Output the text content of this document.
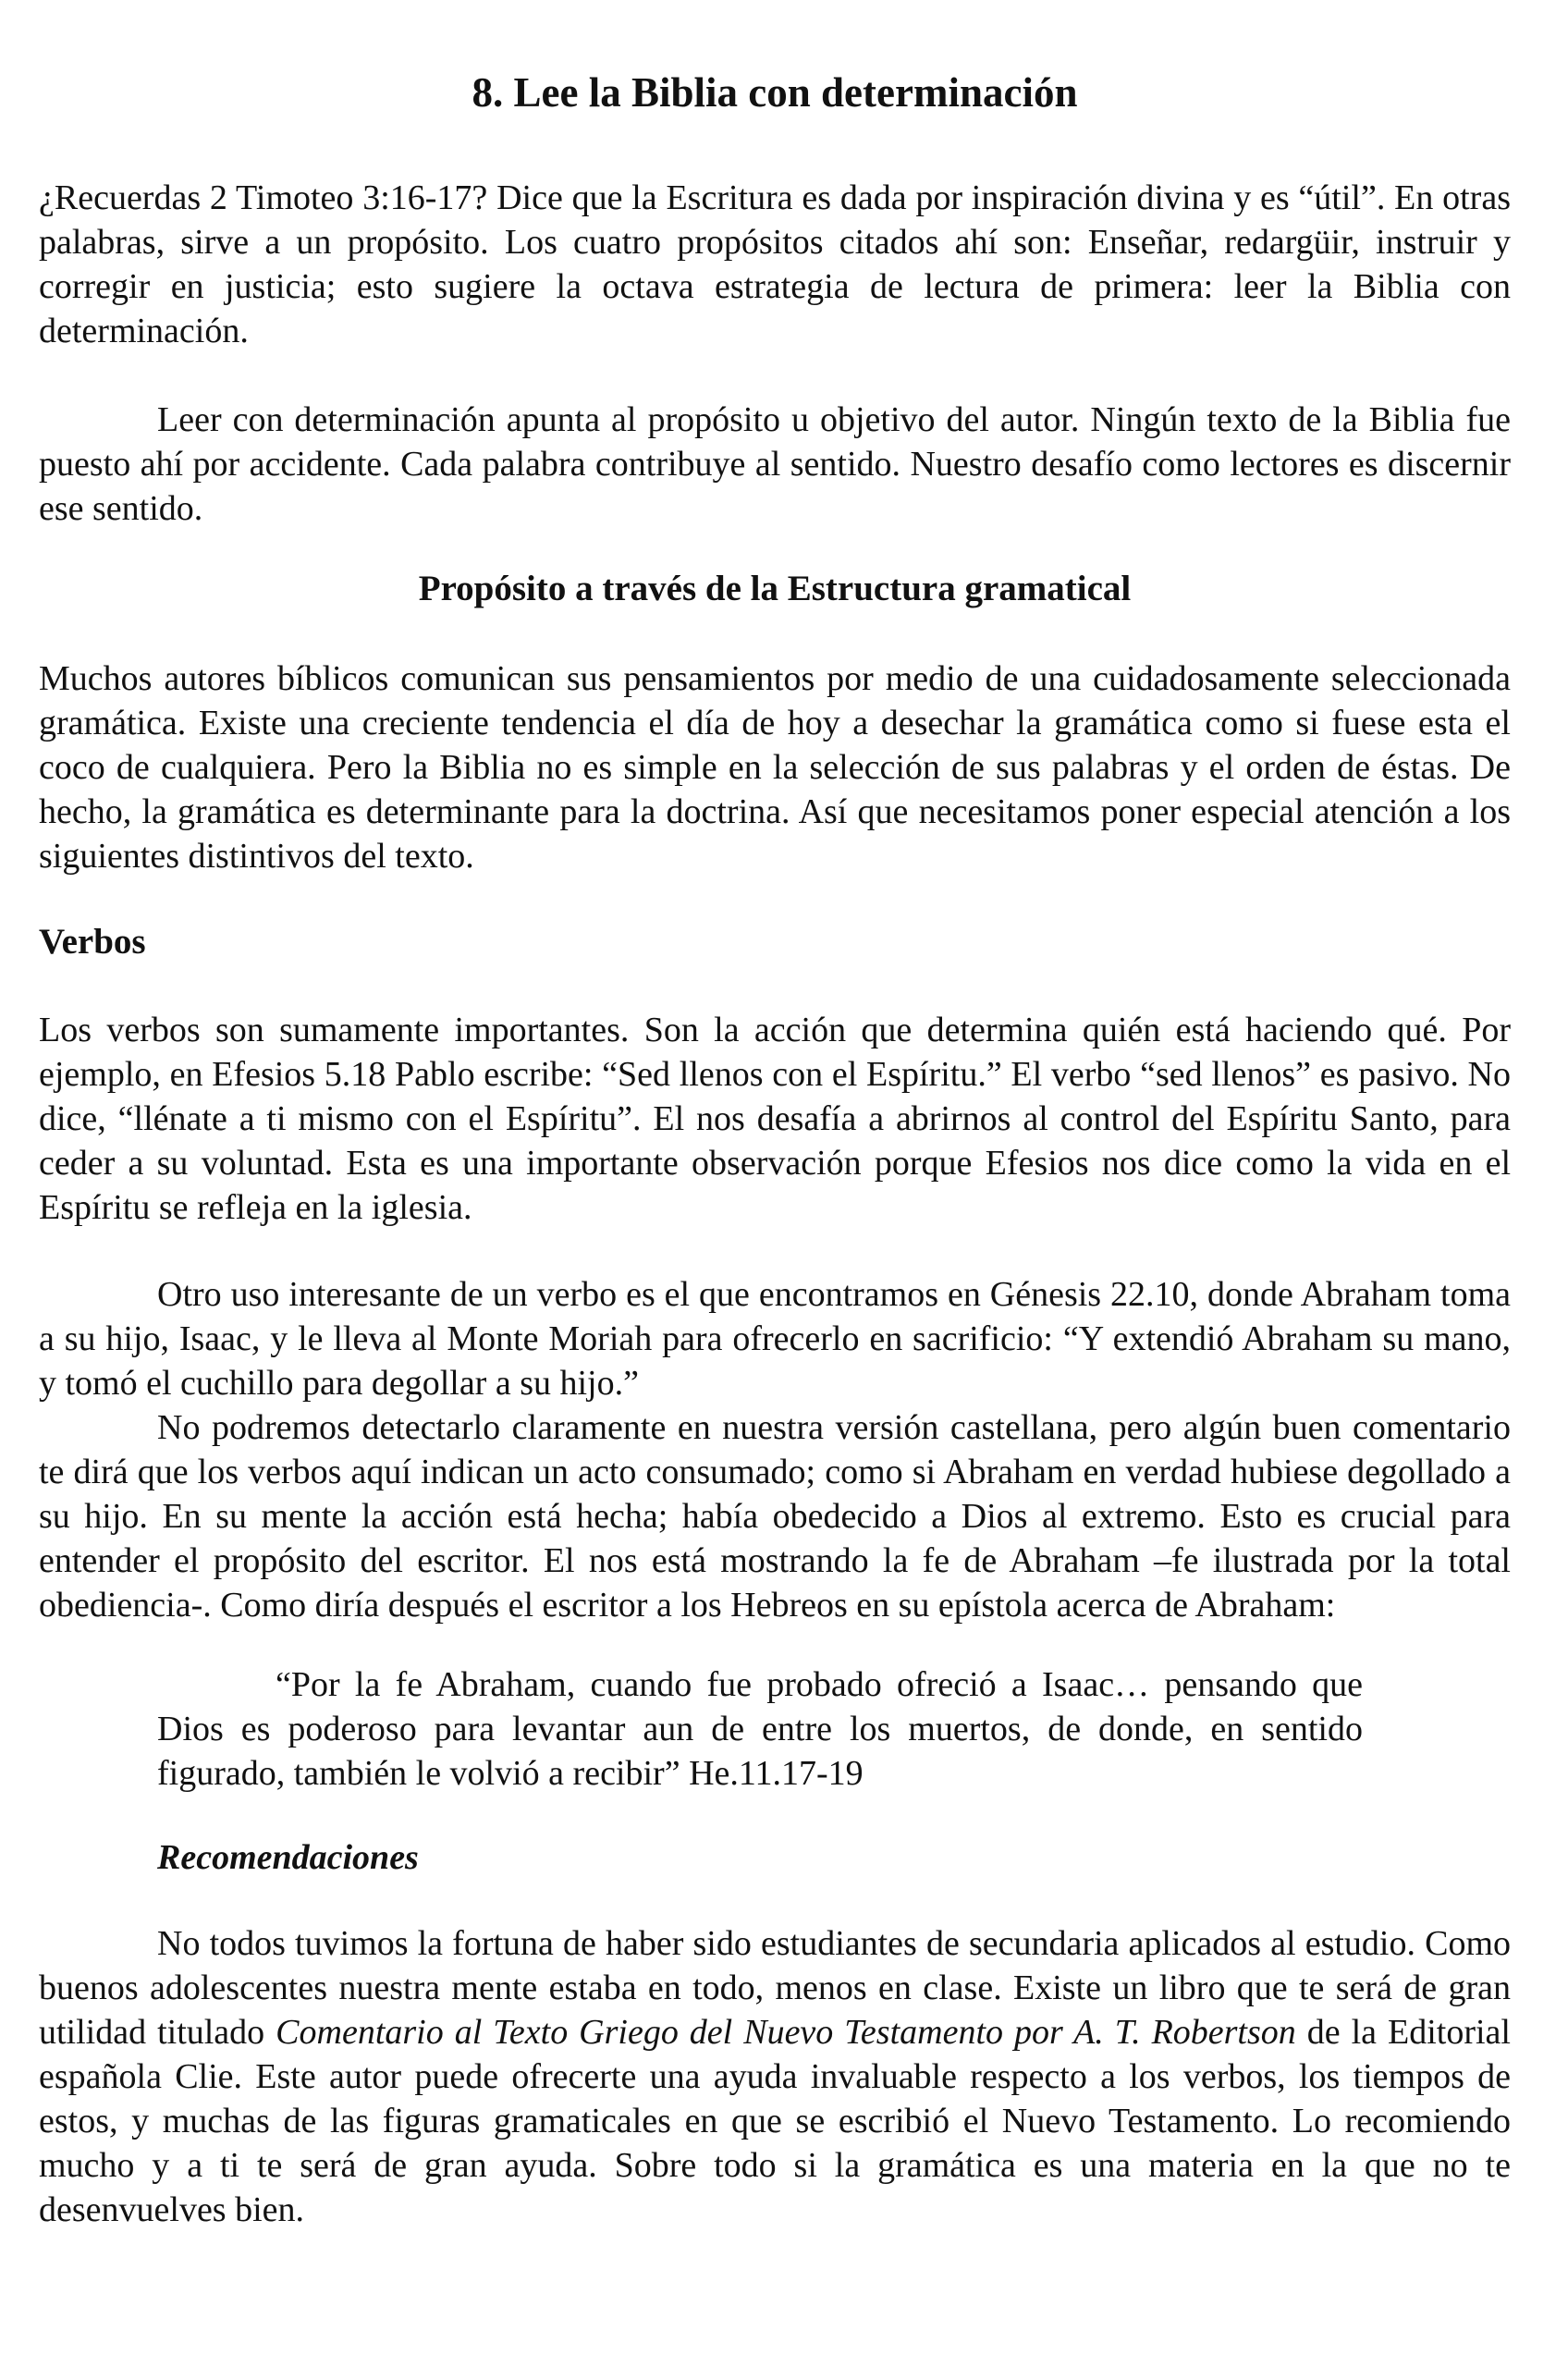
8. Lee la Biblia con determinación

¿Recuerdas 2 Timoteo 3:16-17? Dice que la Escritura es dada por inspiración divina y es “útil”. En otras palabras, sirve a un propósito. Los cuatro propósitos citados ahí son: Enseñar, redargüir, instruir y corregir en justicia; esto sugiere la octava estrategia de lectura de primera: leer la Biblia con determinación.

Leer con determinación apunta al propósito u objetivo del autor. Ningún texto de la Biblia fue puesto ahí por accidente. Cada palabra contribuye al sentido. Nuestro desafío como lectores es discernir ese sentido.

Propósito a través de la Estructura gramatical

Muchos autores bíblicos comunican sus pensamientos por medio de una cuidadosamente seleccionada gramática. Existe una creciente tendencia el día de hoy a desechar la gramática como si fuese esta el coco de cualquiera. Pero la Biblia no es simple en la selección de sus palabras y el orden de éstas. De hecho, la gramática es determinante para la doctrina. Así que necesitamos poner especial atención a los siguientes distintivos del texto.

Verbos

Los verbos son sumamente importantes. Son la acción que determina quién está haciendo qué. Por ejemplo, en Efesios 5.18 Pablo escribe: “Sed llenos con el Espíritu.” El verbo “sed llenos” es pasivo. No dice, “llénate a ti mismo con el Espíritu”. El nos desafía a abrirnos al control del Espíritu Santo, para ceder a su voluntad. Esta es una importante observación porque Efesios nos dice como la vida en el Espíritu se refleja en la iglesia.

Otro uso interesante de un verbo es el que encontramos en Génesis 22.10, donde Abraham toma a su hijo, Isaac, y le lleva al Monte Moriah para ofrecerlo en sacrificio: “Y extendió Abraham su mano, y tomó el cuchillo para degollar a su hijo.”

No podremos detectarlo claramente en nuestra versión castellana, pero algún buen comentario te dirá que los verbos aquí indican un acto consumado; como si Abraham en verdad hubiese degollado a su hijo. En su mente la acción está hecha; había obedecido a Dios al extremo. Esto es crucial para entender el propósito del escritor. El nos está mostrando la fe de Abraham –fe ilustrada por la total obediencia-. Como diría después el escritor a los Hebreos en su epístola acerca de Abraham:

“Por la fe Abraham, cuando fue probado ofreció a Isaac… pensando que Dios es poderoso para levantar aun de entre los muertos, de donde, en sentido figurado, también le volvió a recibir” He.11.17-19

Recomendaciones

No todos tuvimos la fortuna de haber sido estudiantes de secundaria aplicados al estudio. Como buenos adolescentes nuestra mente estaba en todo, menos en clase. Existe un libro que te será de gran utilidad titulado Comentario al Texto Griego del Nuevo Testamento por A. T. Robertson de la Editorial española Clie. Este autor puede ofrecerte una ayuda invaluable respecto a los verbos, los tiempos de estos, y muchas de las figuras gramaticales en que se escribió el Nuevo Testamento. Lo recomiendo mucho y a ti te será de gran ayuda. Sobre todo si la gramática es una materia en la que no te desenvuelves bien.
